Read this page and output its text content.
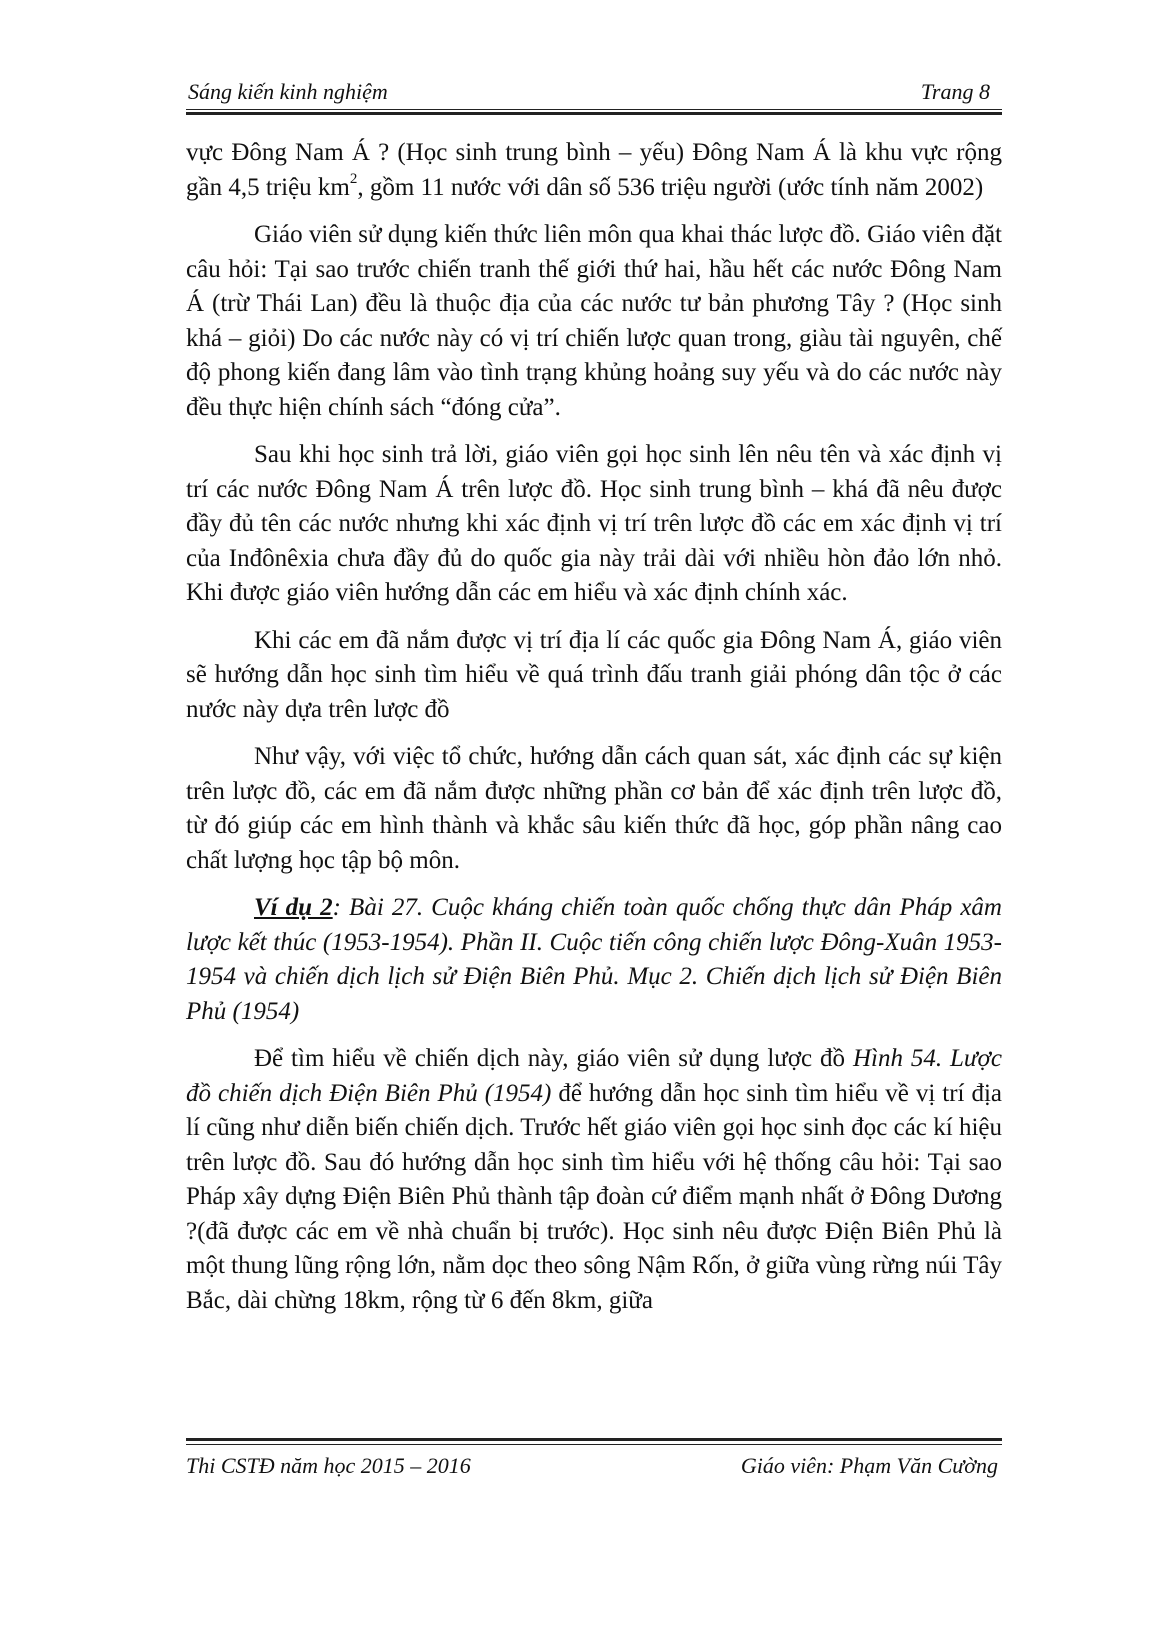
Sáng kiến kinh nghiệm	Trang 8

vực Đông Nam Á ? (Học sinh trung bình – yếu) Đông Nam Á là khu vực rộng gần 4,5 triệu $km^2$, gồm 11 nước với dân số 536 triệu người (ước tính năm 2002)

Giáo viên sử dụng kiến thức liên môn qua khai thác lược đồ. Giáo viên đặt câu hỏi: Tại sao trước chiến tranh thế giới thứ hai, hầu hết các nước Đông Nam Á (trừ Thái Lan) đều là thuộc địa của các nước tư bản phương Tây ? (Học sinh khá – giỏi) Do các nước này có vị trí chiến lược quan trong, giàu tài nguyên, chế độ phong kiến đang lâm vào tình trạng khủng hoảng suy yếu và do các nước này đều thực hiện chính sách “đóng cửa”.

Sau khi học sinh trả lời, giáo viên gọi học sinh lên nêu tên và xác định vị trí các nước Đông Nam Á trên lược đồ. Học sinh trung bình – khá đã nêu được đầy đủ tên các nước nhưng khi xác định vị trí trên lược đồ các em xác định vị trí của Inđônêxia chưa đầy đủ do quốc gia này trải dài với nhiều hòn đảo lớn nhỏ. Khi được giáo viên hướng dẫn các em hiểu và xác định chính xác.

Khi các em đã nắm được vị trí địa lí các quốc gia Đông Nam Á, giáo viên sẽ hướng dẫn học sinh tìm hiểu về quá trình đấu tranh giải phóng dân tộc ở các nước này dựa trên lược đồ

Như vậy, với việc tổ chức, hướng dẫn cách quan sát, xác định các sự kiện trên lược đồ, các em đã nắm được những phần cơ bản để xác định trên lược đồ, từ đó giúp các em hình thành và khắc sâu kiến thức đã học, góp phần nâng cao chất lượng học tập bộ môn.

Ví dụ 2: Bài 27. Cuộc kháng chiến toàn quốc chống thực dân Pháp xâm lược kết thúc (1953-1954). Phần II. Cuộc tiến công chiến lược Đông-Xuân 1953-1954 và chiến dịch lịch sử Điện Biên Phủ. Mục 2. Chiến dịch lịch sử Điện Biên Phủ (1954)

Để tìm hiểu về chiến dịch này, giáo viên sử dụng lược đồ Hình 54. Lược đồ chiến dịch Điện Biên Phủ (1954) để hướng dẫn học sinh tìm hiểu về vị trí địa lí cũng như diễn biến chiến dịch. Trước hết giáo viên gọi học sinh đọc các kí hiệu trên lược đồ. Sau đó hướng dẫn học sinh tìm hiểu với hệ thống câu hỏi: Tại sao Pháp xây dựng Điện Biên Phủ thành tập đoàn cứ điểm mạnh nhất ở Đông Dương ?(đã được các em về nhà chuẩn bị trước). Học sinh nêu được Điện Biên Phủ là một thung lũng rộng lớn, nằm dọc theo sông Nậm Rốn, ở giữa vùng rừng núi Tây Bắc, dài chừng 18km, rộng từ 6 đến 8km, giữa

Thi CSTĐ năm học 2015 – 2016	Giáo viên: Phạm Văn Cường
